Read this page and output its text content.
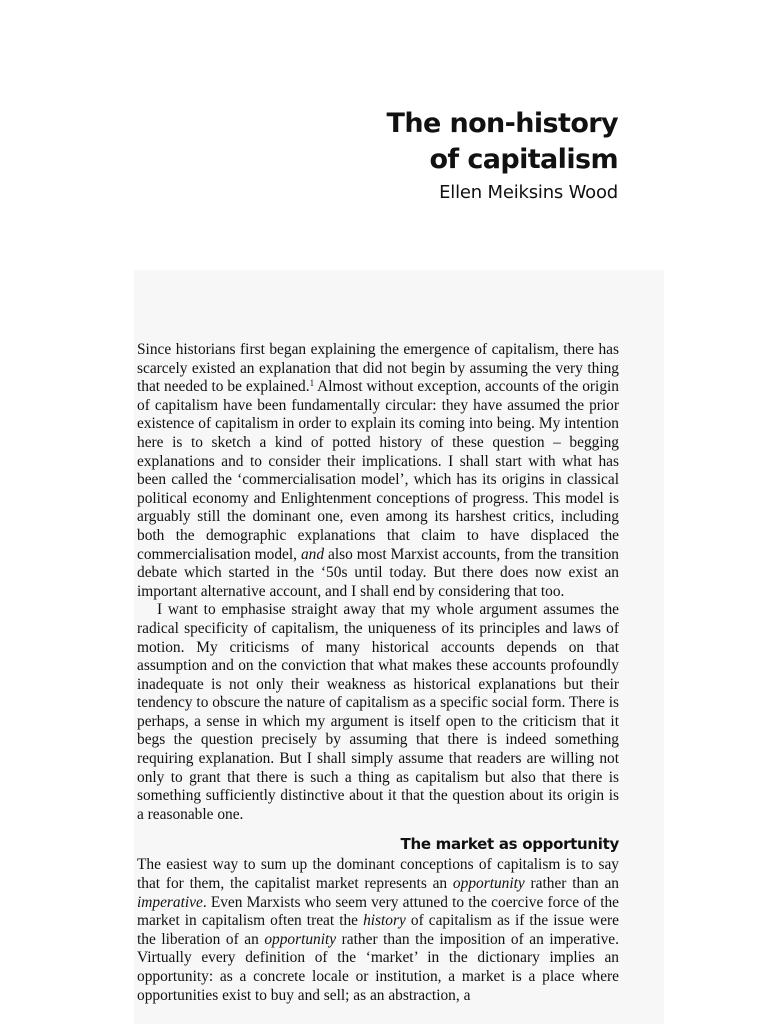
The non-history
of capitalism
Ellen Meiksins Wood

Since historians first began explaining the emergence of capitalism, there has scarcely existed an explanation that did not begin by assuming the very thing that needed to be explained.$^1$ Almost without exception, accounts of the origin of capitalism have been fundamentally circular: they have assumed the prior existence of capitalism in order to explain its coming into being. My intention here is to sketch a kind of potted history of these question – begging explanations and to consider their implications. I shall start with what has been called the ‘commercialisation model’, which has its origins in classical political economy and Enlightenment conceptions of progress. This model is arguably still the dominant one, even among its harshest critics, including both the demographic explanations that claim to have displaced the commercialisation model, and also most Marxist accounts, from the transition debate which started in the ‘50s until today. But there does now exist an important alternative account, and I shall end by considering that too.

I want to emphasise straight away that my whole argument assumes the radical specificity of capitalism, the uniqueness of its principles and laws of motion. My criticisms of many historical accounts depends on that assumption and on the conviction that what makes these accounts profoundly inadequate is not only their weakness as historical explanations but their tendency to obscure the nature of capitalism as a specific social form. There is perhaps, a sense in which my argument is itself open to the criticism that it begs the question precisely by assuming that there is indeed something requiring explanation. But I shall simply assume that readers are willing not only to grant that there is such a thing as capitalism but also that there is something sufficiently distinctive about it that the question about its origin is a reasonable one.

The market as opportunity

The easiest way to sum up the dominant conceptions of capitalism is to say that for them, the capitalist market represents an opportunity rather than an imperative. Even Marxists who seem very attuned to the coercive force of the market in capitalism often treat the history of capitalism as if the issue were the liberation of an opportunity rather than the imposition of an imperative. Virtually every definition of the ‘market’ in the dictionary implies an opportunity: as a concrete locale or institution, a market is a place where opportunities exist to buy and sell; as an abstraction, a
